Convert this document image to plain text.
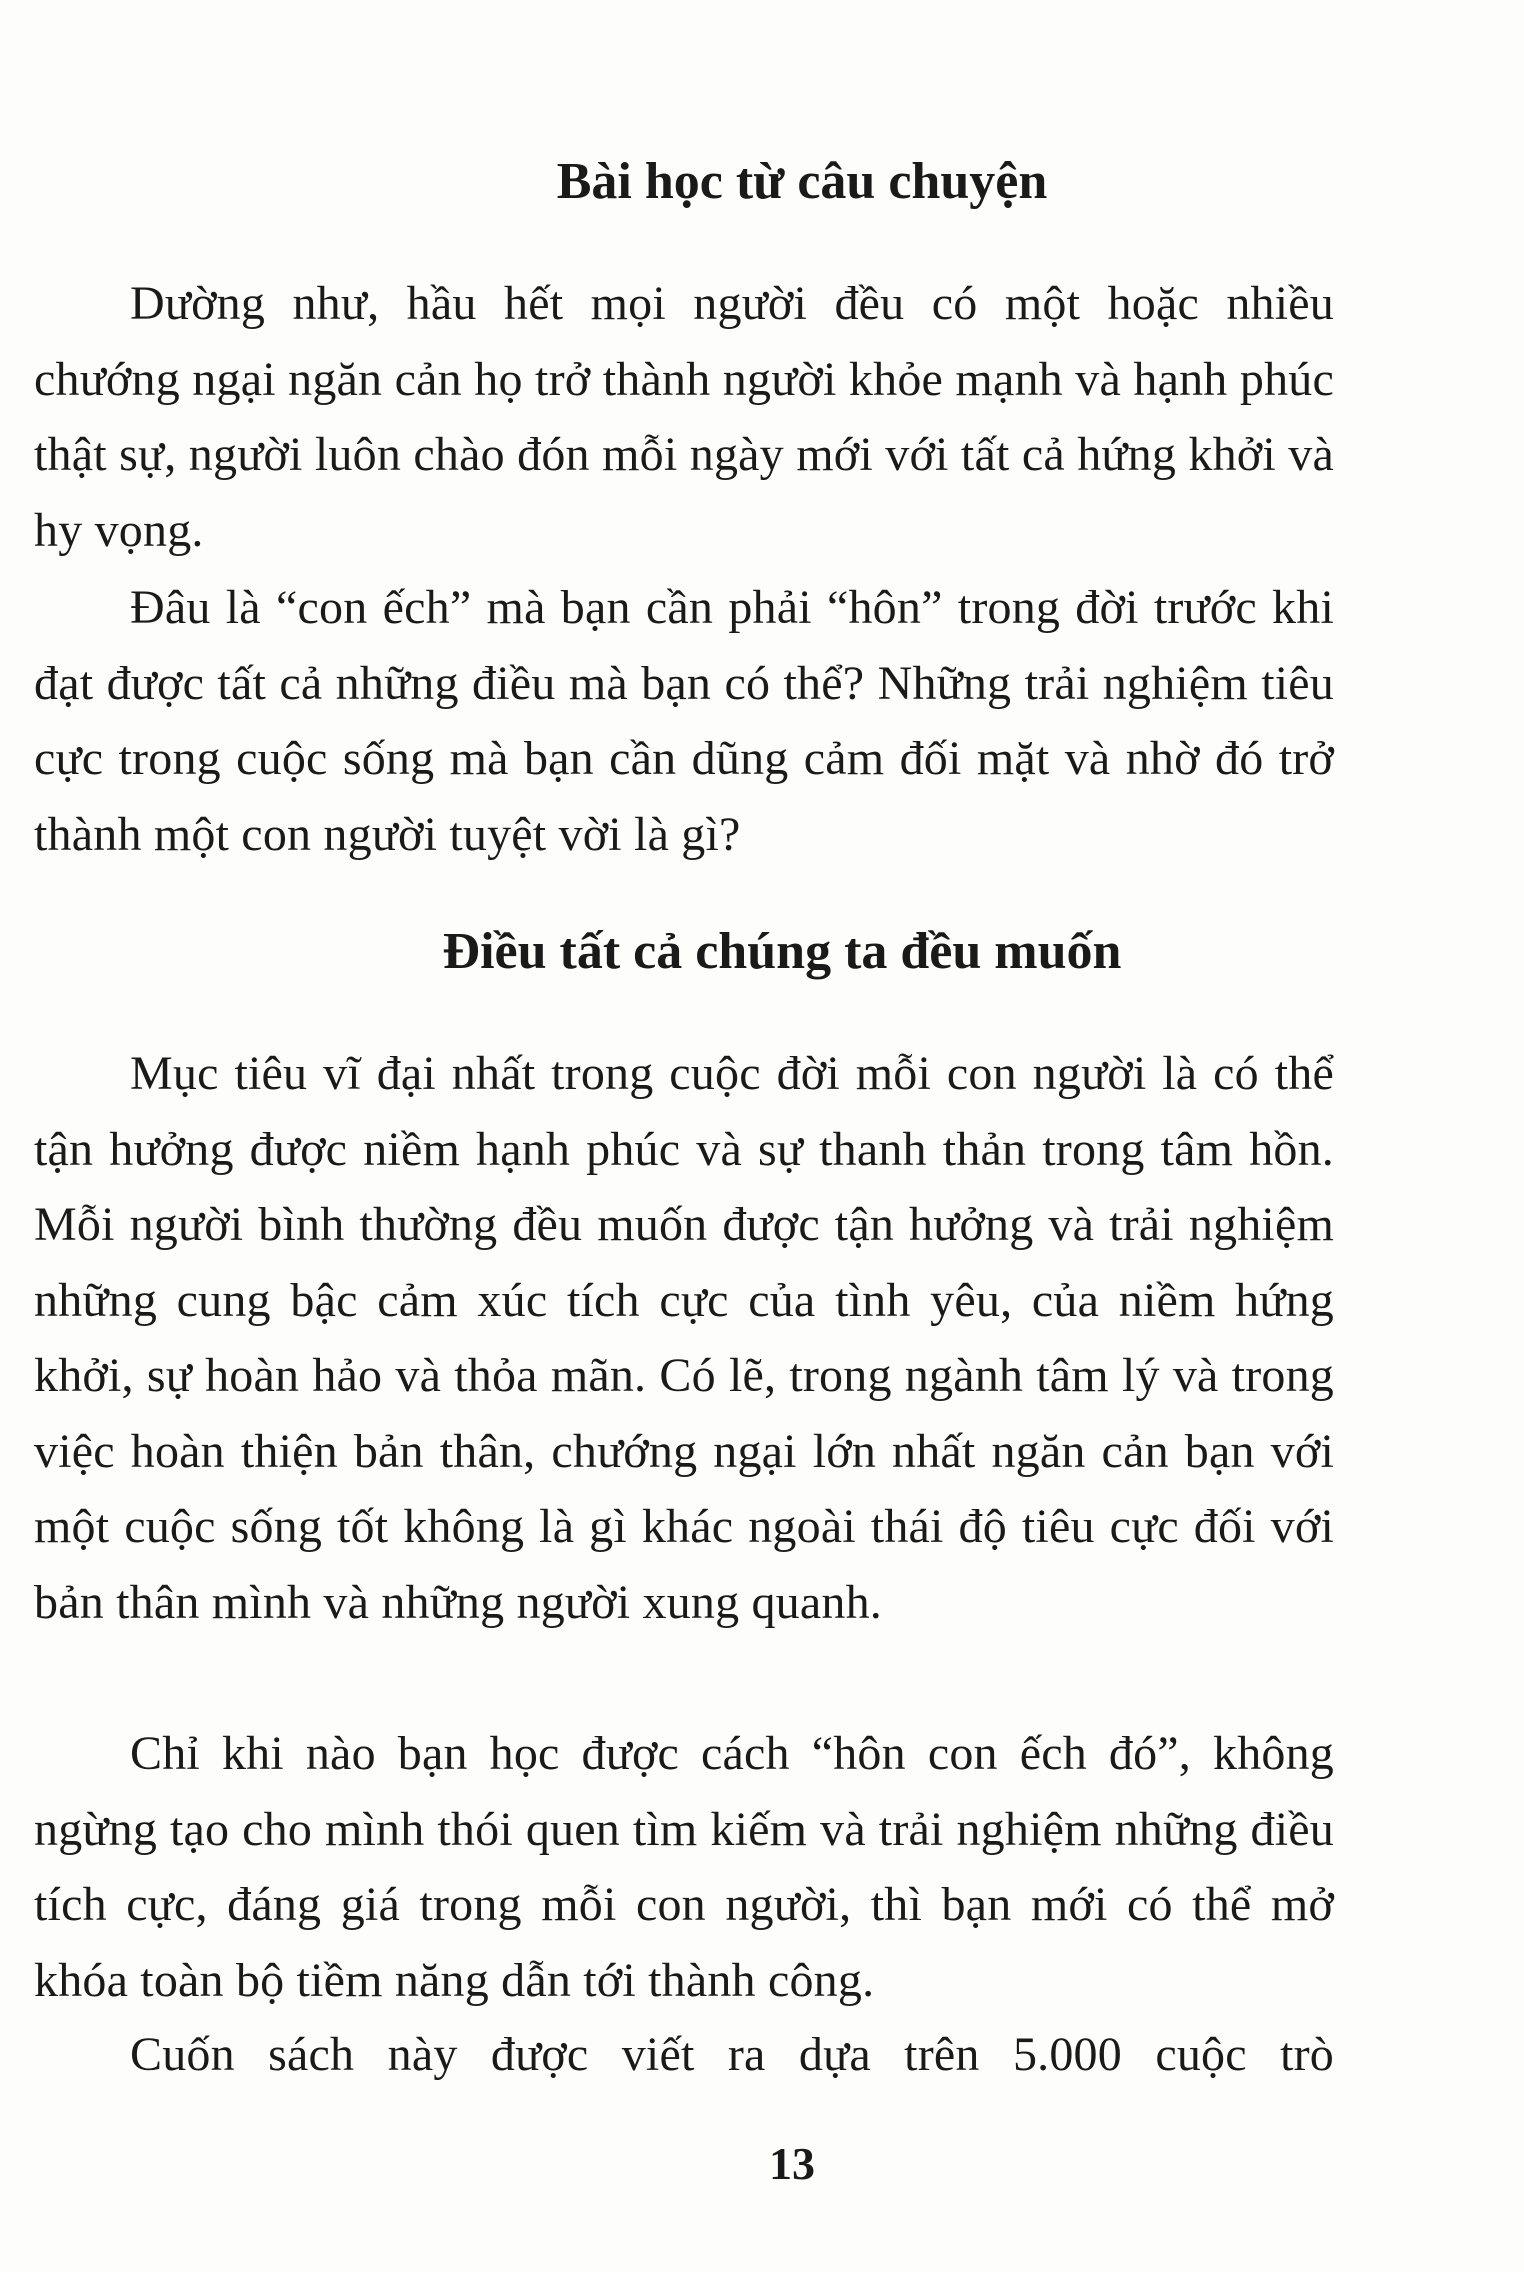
Bài học từ câu chuyện

Dường như, hầu hết mọi người đều có một hoặc nhiều chướng ngại ngăn cản họ trở thành người khỏe mạnh và hạnh phúc thật sự, người luôn chào đón mỗi ngày mới với tất cả hứng khởi và hy vọng.

Đâu là “con ếch” mà bạn cần phải “hôn” trong đời trước khi đạt được tất cả những điều mà bạn có thể? Những trải nghiệm tiêu cực trong cuộc sống mà bạn cần dũng cảm đối mặt và nhờ đó trở thành một con người tuyệt vời là gì?

Điều tất cả chúng ta đều muốn

Mục tiêu vĩ đại nhất trong cuộc đời mỗi con người là có thể tận hưởng được niềm hạnh phúc và sự thanh thản trong tâm hồn. Mỗi người bình thường đều muốn được tận hưởng và trải nghiệm những cung bậc cảm xúc tích cực của tình yêu, của niềm hứng khởi, sự hoàn hảo và thỏa mãn. Có lẽ, trong ngành tâm lý và trong việc hoàn thiện bản thân, chướng ngại lớn nhất ngăn cản bạn với một cuộc sống tốt không là gì khác ngoài thái độ tiêu cực đối với bản thân mình và những người xung quanh.

Chỉ khi nào bạn học được cách “hôn con ếch đó”, không ngừng tạo cho mình thói quen tìm kiếm và trải nghiệm những điều tích cực, đáng giá trong mỗi con người, thì bạn mới có thể mở khóa toàn bộ tiềm năng dẫn tới thành công.

Cuốn sách này được viết ra dựa trên 5.000 cuộc trò

13
